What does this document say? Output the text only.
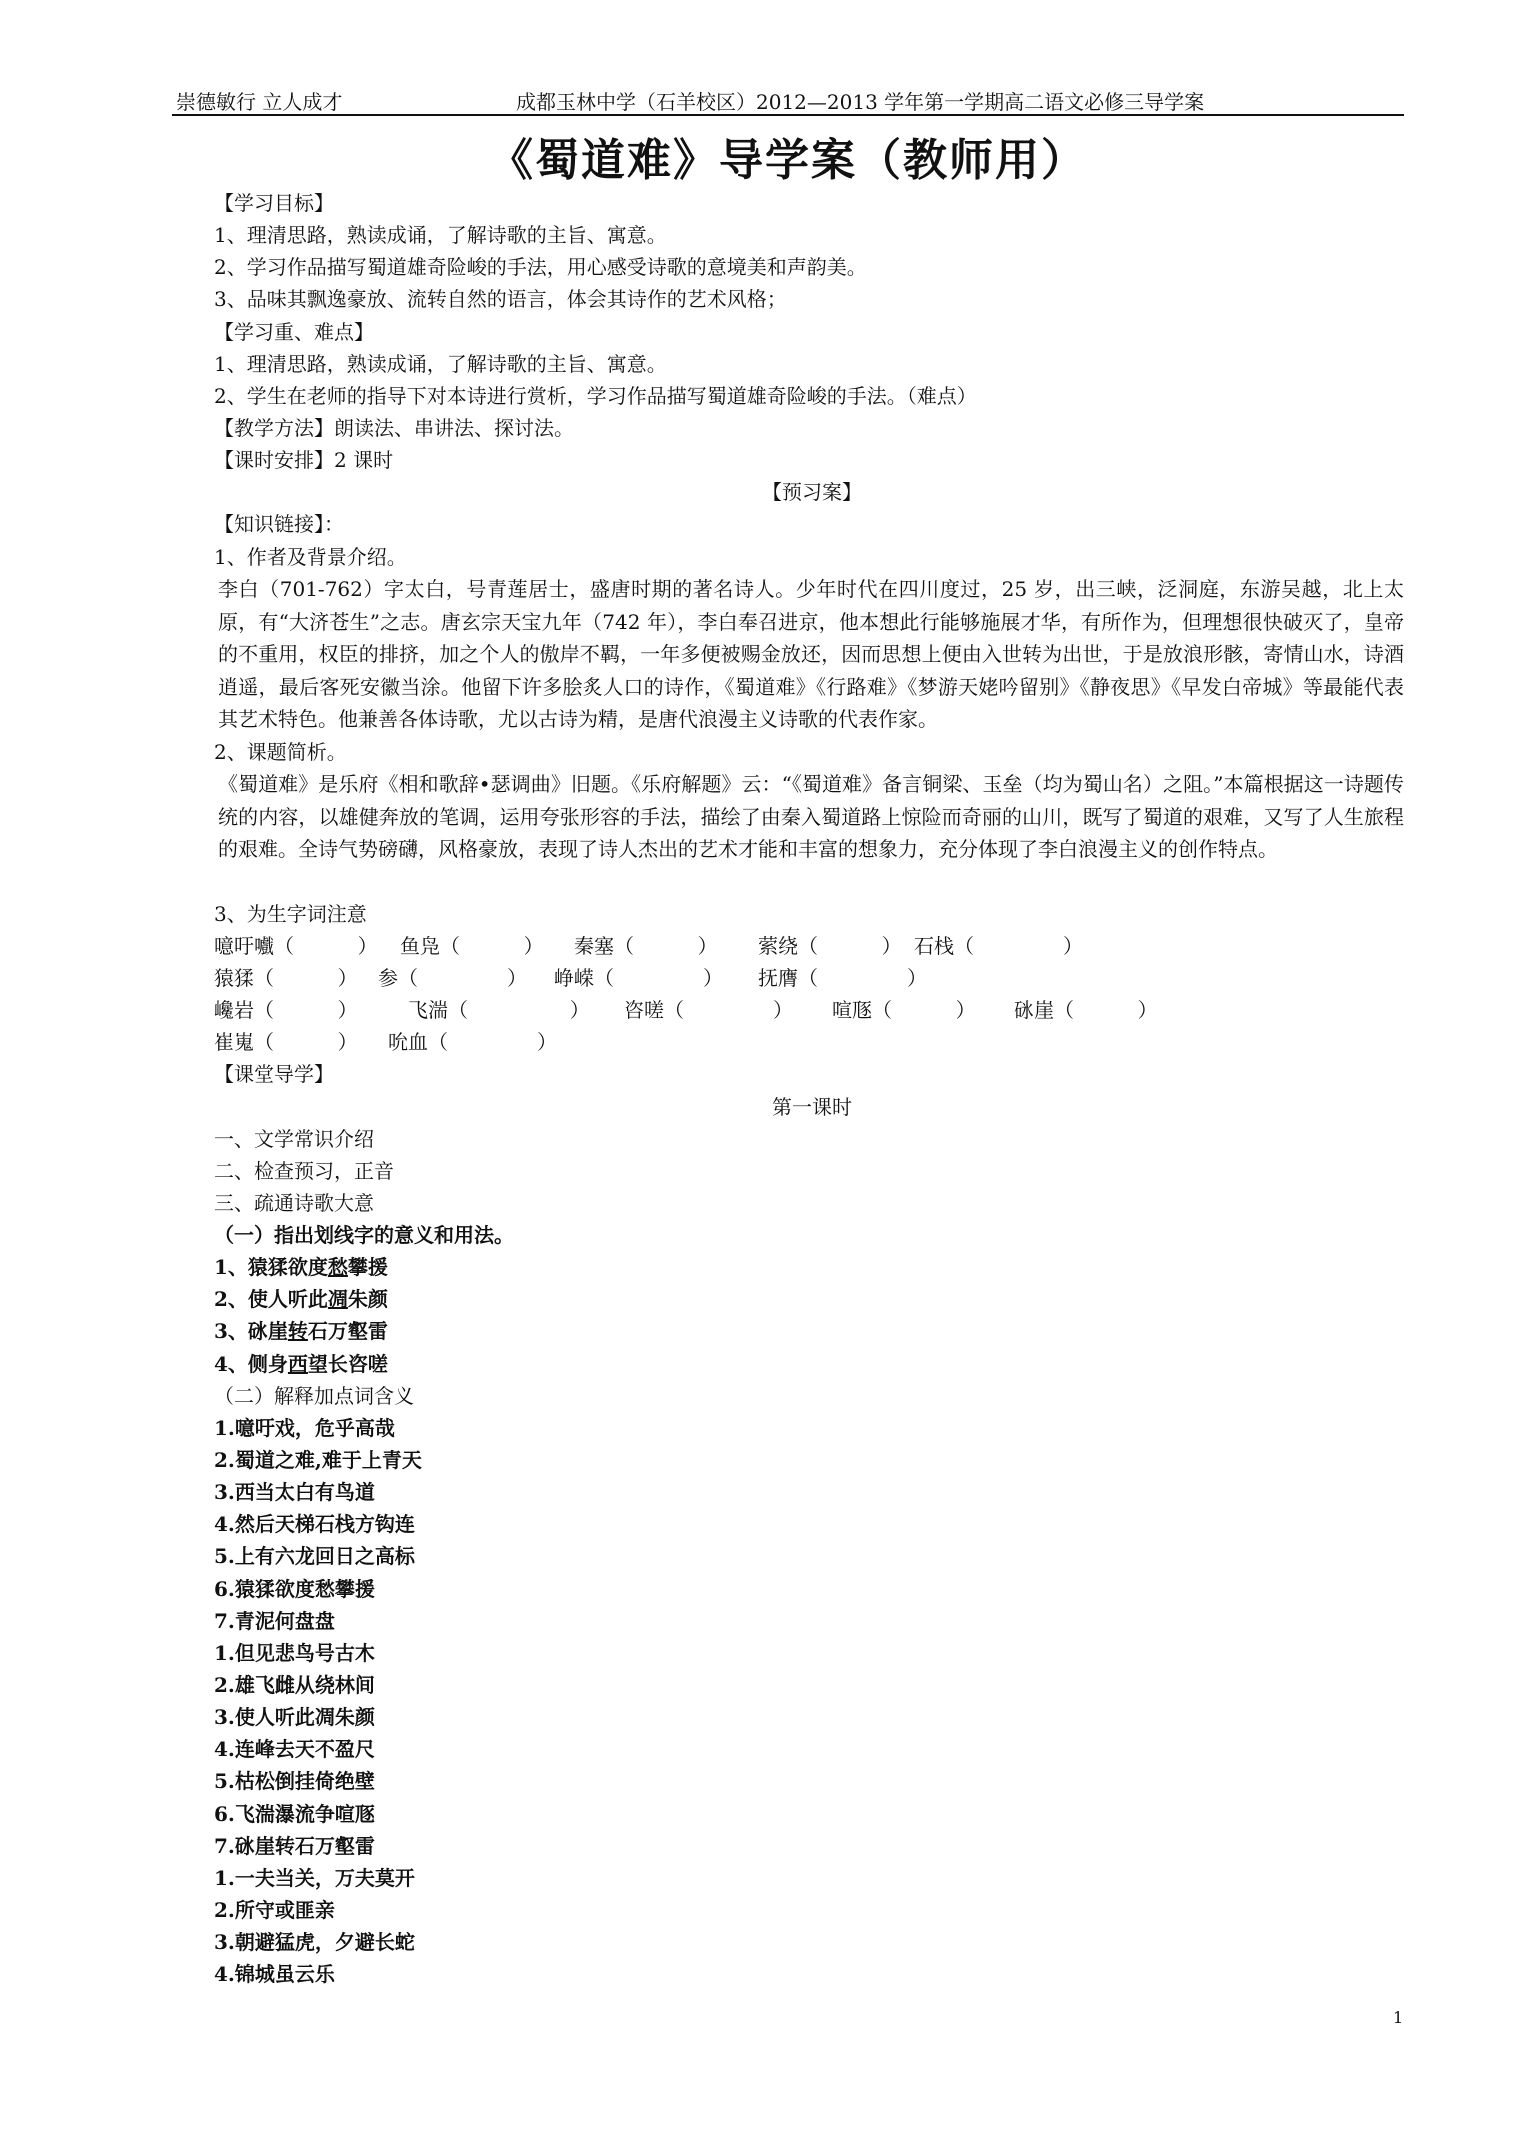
崇德敏行 立人成才	成都玉林中学（石羊校区）2012—2013 学年第一学期高二语文必修三导学案
《蜀道难》导学案（教师用）
【学习目标】
1、理清思路，熟读成诵，了解诗歌的主旨、寓意。
2、学习作品描写蜀道雄奇险峻的手法，用心感受诗歌的意境美和声韵美。
3、品味其飘逸豪放、流转自然的语言，体会其诗作的艺术风格；
【学习重、难点】
1、理清思路，熟读成诵，了解诗歌的主旨、寓意。
2、学生在老师的指导下对本诗进行赏析，学习作品描写蜀道雄奇险峻的手法。（难点）
【教学方法】朗读法、串讲法、探讨法。
【课时安排】2 课时
【预习案】
【知识链接】：
1、作者及背景介绍。
李白（701-762）字太白，号青莲居士，盛唐时期的著名诗人。少年时代在四川度过，25 岁，出三峡，泛洞庭，东游吴越，北上太原，有“大济苍生”之志。唐玄宗天宝九年（742 年），李白奉召进京，他本想此行能够施展才华，有所作为，但理想很快破灭了，皇帝的不重用，权臣的排挤，加之个人的傲岸不羁，一年多便被赐金放还，因而思想上便由入世转为出世，于是放浪形骸，寄情山水，诗酒逍遥，最后客死安徽当涂。他留下许多脍炙人口的诗作，《蜀道难》《行路难》《梦游天姥吟留别》《静夜思》《早发白帝城》等最能代表其艺术特色。他兼善各体诗歌，尤以古诗为精，是唐代浪漫主义诗歌的代表作家。
2、课题简析。
《蜀道难》是乐府《相和歌辞•瑟调曲》旧题。《乐府解题》云：“《蜀道难》备言铜梁、玉垒（均为蜀山名）之阻。”本篇根据这一诗题传统的内容，以雄健奔放的笔调，运用夸张形容的手法，描绘了由秦入蜀道路上惊险而奇丽的山川，既写了蜀道的艰难，又写了人生旅程的艰难。全诗气势磅礴，风格豪放，表现了诗人杰出的艺术才能和丰富的想象力，充分体现了李白浪漫主义的创作特点。
3、为生字词注意
噫吁嚱（          ） 鱼凫（          ） 秦塞（          ） 萦绕（          ） 石栈（              ）
猿猱（          ） 参（              ） 峥嵘（              ） 抚膺（              ）
巉岩（          ）	飞湍（                ） 咨嗟（              ） 喧豗（          ） 砯崖（          ）
崔嵬（          ） 吮血（              ）
【课堂导学】
第一课时
一、文学常识介绍
二、检查预习，正音
三、疏通诗歌大意
（一）指出划线字的意义和用法。
1、猿猱欲度愁攀援
2、使人听此凋朱颜
3、砯崖转石万壑雷
4、侧身西望长咨嗟
（二）解释加点词含义
1.噫吁戏，危乎高哉
2.蜀道之难,难于上青天
3.西当太白有鸟道
4.然后天梯石栈方钩连
5.上有六龙回日之高标
6.猿猱欲度愁攀援
7.青泥何盘盘
1.但见悲鸟号古木
2.雄飞雌从绕林间
3.使人听此凋朱颜
4.连峰去天不盈尺
5.枯松倒挂倚绝壁
6.飞湍瀑流争喧豗
7.砯崖转石万壑雷
1.一夫当关，万夫莫开
2.所守或匪亲
3.朝避猛虎，夕避长蛇
4.锦城虽云乐
1
